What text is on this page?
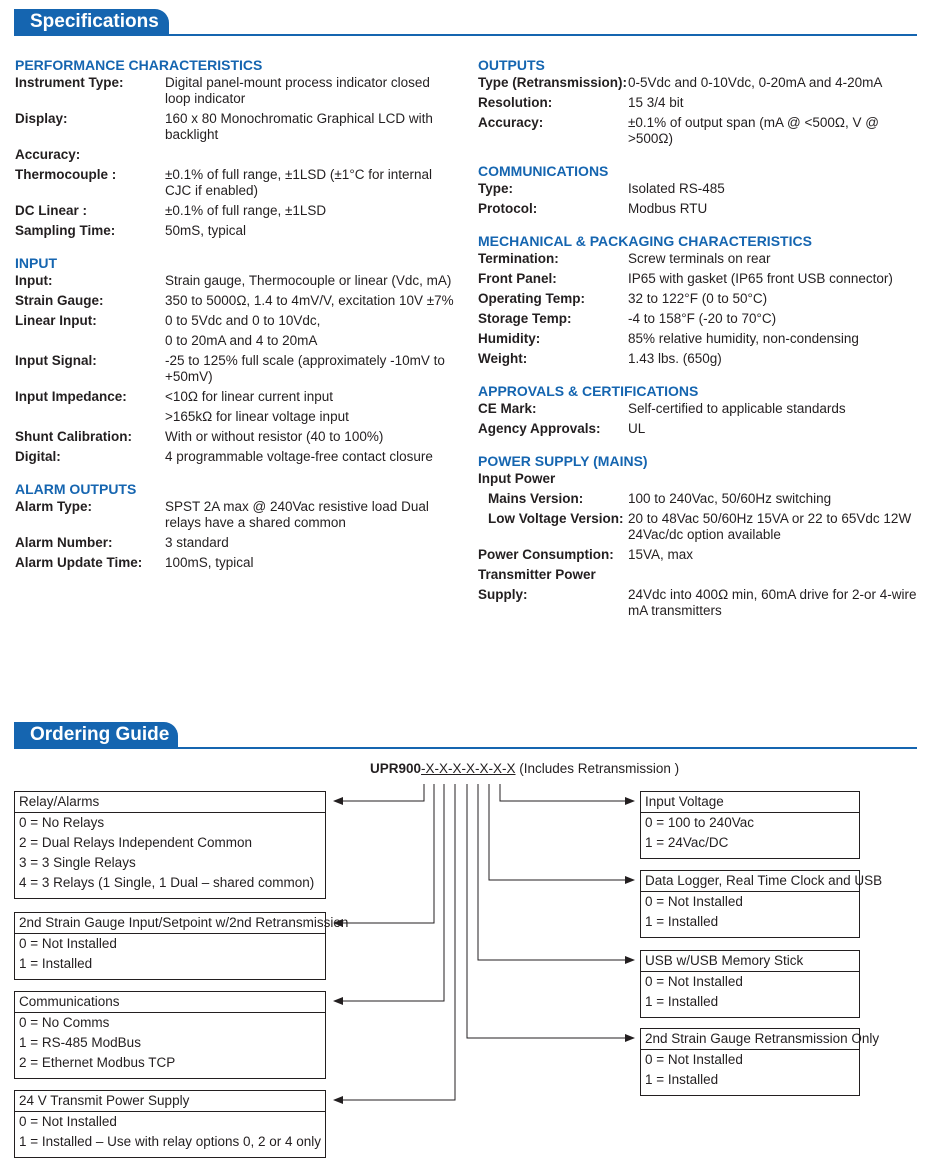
Specifications
PERFORMANCE CHARACTERISTICS
Instrument Type:	Digital panel-mount process indicator closed loop indicator
Display:	160 x 80 Monochromatic Graphical LCD with backlight
Accuracy:

Thermocouple :	±0.1% of full range, ±1LSD (±1°C for internal CJC if enabled)
DC Linear :	±0.1% of full range, ±1LSD
Sampling Time:	50mS, typical
INPUT
Input:	Strain gauge, Thermocouple or linear (Vdc, mA)
Strain Gauge:	350 to 5000Ω, 1.4 to 4mV/V, excitation 10V ±7%
Linear Input:	0 to 5Vdc and 0 to 10Vdc,
0 to 20mA and 4 to 20mA
Input Signal:	-25 to 125% full scale (approximately -10mV to +50mV)
Input Impedance:	<10Ω for linear current input
>165kΩ for linear voltage input
Shunt Calibration: With or without resistor (40 to 100%)
Digital:	4 programmable voltage-free contact closure
ALARM OUTPUTS
Alarm Type:	SPST 2A max @ 240Vac resistive load Dual relays have a shared common
Alarm Number:	3 standard
Alarm Update Time: 100mS, typical
OUTPUTS
Type (Retransmission): 0-5Vdc and 0-10Vdc, 0-20mA and 4-20mA
Resolution:	15 3/4 bit
Accuracy:	±0.1% of output span (mA @ <500Ω, V @ >500Ω)
COMMUNICATIONS
Type:	Isolated RS-485
Protocol:	Modbus RTU
MECHANICAL & PACKAGING CHARACTERISTICS
Termination:	Screw terminals on rear
Front Panel:	IP65 with gasket (IP65 front USB connector)
Operating Temp:	32 to 122°F (0 to 50°C)
Storage Temp:	-4 to 158°F (-20 to 70°C)
Humidity:	85% relative humidity, non-condensing
Weight:	1.43 lbs. (650g)
APPROVALS & CERTIFICATIONS
CE Mark:	Self-certified to applicable standards
Agency Approvals: UL
POWER SUPPLY (MAINS)
Input Power

Mains Version:	100 to 240Vac, 50/60Hz switching
Low Voltage Version: 20 to 48Vac 50/60Hz 15VA or 22 to 65Vdc 12W 24Vac/dc option available
Power Consumption: 15VA, max
Transmitter Power

Supply:	24Vdc into 400Ω min, 60mA drive for 2-or 4-wire mA transmitters
Ordering Guide
UPR900-X-X-X-X-X-X-X (Includes Retransmission )
Relay/Alarms
0 = No Relays
2 = Dual Relays Independent Common
3 = 3 Single Relays
4 = 3 Relays (1 Single, 1 Dual – shared common)
2nd Strain Gauge Input/Setpoint w/2nd Retransmission
0 = Not Installed
1 = Installed
Communications
0 = No Comms
1 = RS-485 ModBus
2 = Ethernet Modbus TCP
24 V Transmit Power Supply
0 = Not Installed
1 = Installed – Use with relay options 0, 2 or 4 only
Input Voltage
0 = 100 to 240Vac
1 = 24Vac/DC
Data Logger, Real Time Clock and USB
0 = Not Installed
1 = Installed
USB w/USB Memory Stick
0 = Not Installed
1 = Installed
2nd Strain Gauge Retransmission Only
0 = Not Installed
1 = Installed
